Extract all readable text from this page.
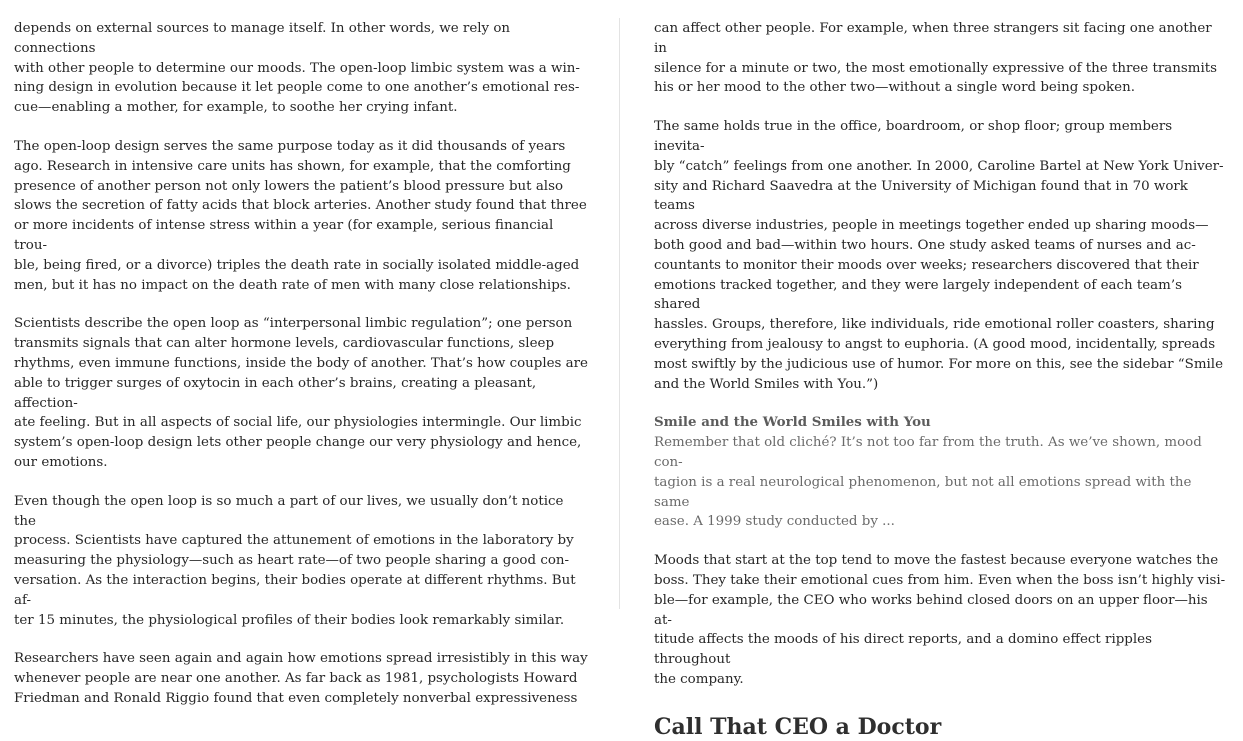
depends on external sources to manage itself. In other words, we rely on connections
with other people to determine our moods. The open-loop limbic system was a win-
ning design in evolution because it let people come to one another’s emotional res-
cue—enabling a mother, for example, to soothe her crying infant.

The open-loop design serves the same purpose today as it did thousands of years
ago. Research in intensive care units has shown, for example, that the comforting
presence of another person not only lowers the patient’s blood pressure but also
slows the secretion of fatty acids that block arteries. Another study found that three
or more incidents of intense stress within a year (for example, serious financial trou-
ble, being fired, or a divorce) triples the death rate in socially isolated middle-aged
men, but it has no impact on the death rate of men with many close relationships.

Scientists describe the open loop as “interpersonal limbic regulation”; one person
transmits signals that can alter hormone levels, cardiovascular functions, sleep
rhythms, even immune functions, inside the body of another. That’s how couples are
able to trigger surges of oxytocin in each other’s brains, creating a pleasant, affection-
ate feeling. But in all aspects of social life, our physiologies intermingle. Our limbic
system’s open-loop design lets other people change our very physiology and hence,
our emotions.

Even though the open loop is so much a part of our lives, we usually don’t notice the
process. Scientists have captured the attunement of emotions in the laboratory by
measuring the physiology—such as heart rate—of two people sharing a good con-
versation. As the interaction begins, their bodies operate at different rhythms. But af-
ter 15 minutes, the physiological profiles of their bodies look remarkably similar.

Researchers have seen again and again how emotions spread irresistibly in this way
whenever people are near one another. As far back as 1981, psychologists Howard
Friedman and Ronald Riggio found that even completely nonverbal expressiveness

can affect other people. For example, when three strangers sit facing one another in
silence for a minute or two, the most emotionally expressive of the three transmits
his or her mood to the other two—without a single word being spoken.

The same holds true in the office, boardroom, or shop floor; group members inevita-
bly “catch” feelings from one another. In 2000, Caroline Bartel at New York Univer-
sity and Richard Saavedra at the University of Michigan found that in 70 work teams
across diverse industries, people in meetings together ended up sharing moods—
both good and bad—within two hours. One study asked teams of nurses and ac-
countants to monitor their moods over weeks; researchers discovered that their
emotions tracked together, and they were largely independent of each team’s shared
hassles. Groups, therefore, like individuals, ride emotional roller coasters, sharing
everything from jealousy to angst to euphoria. (A good mood, incidentally, spreads
most swiftly by the judicious use of humor. For more on this, see the sidebar “Smile
and the World Smiles with You.”)

Smile and the World Smiles with You

Remember that old cliché? It’s not too far from the truth. As we’ve shown, mood con-
tagion is a real neurological phenomenon, but not all emotions spread with the same
ease. A 1999 study conducted by ...

Moods that start at the top tend to move the fastest because everyone watches the
boss. They take their emotional cues from him. Even when the boss isn’t highly visi-
ble—for example, the CEO who works behind closed doors on an upper floor—his at-
titude affects the moods of his direct reports, and a domino effect ripples throughout
the company.

Call That CEO a Doctor
